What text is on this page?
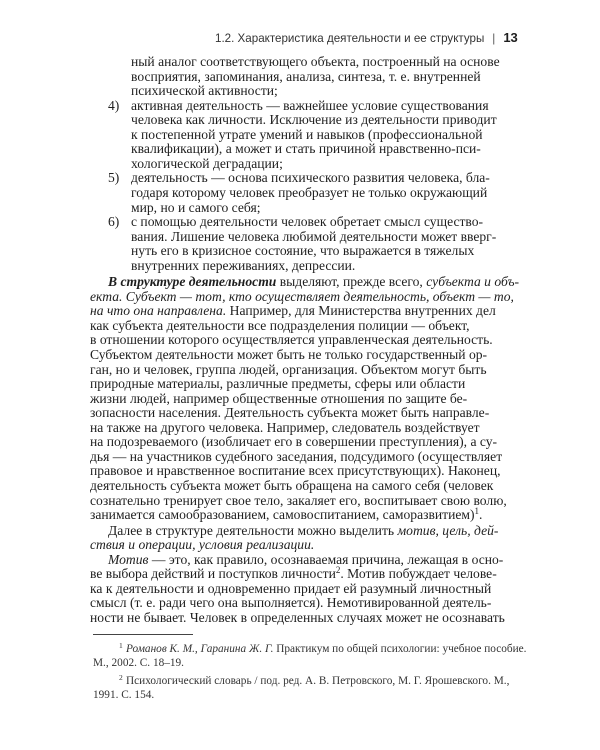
1.2. Характеристика деятельности и ее структуры | 13
ный аналог соответствующего объекта, построенный на основе
восприятия, запоминания, анализа, синтеза, т. е. внутренней
психической активности;
4) активная деятельность — важнейшее условие существования
человека как личности. Исключение из деятельности приводит
к постепенной утрате умений и навыков (профессиональной
квалификации), а может и стать причиной нравственно-пси-
хологической деградации;
5) деятельность — основа психического развития человека, бла-
годаря которому человек преобразует не только окружающий
мир, но и самого себя;
6) с помощью деятельности человек обретает смысл существо-
вания. Лишение человека любимой деятельности может вверг-
нуть его в кризисное состояние, что выражается в тяжелых
внутренних переживаниях, депрессии.
В структуре деятельности выделяют, прежде всего, субъекта и объ-
екта. Субъект — тот, кто осуществляет деятельность, объект — то,
на что она направлена. Например, для Министерства внутренних дел
как субъекта деятельности все подразделения полиции — объект,
в отношении которого осуществляется управленческая деятельность.
Субъектом деятельности может быть не только государственный ор-
ган, но и человек, группа людей, организация. Объектом могут быть
природные материалы, различные предметы, сферы или области
жизни людей, например общественные отношения по защите бе-
зопасности населения. Деятельность субъекта может быть направле-
на также на другого человека. Например, следователь воздействует
на подозреваемого (изобличает его в совершении преступления), а су-
дья — на участников судебного заседания, подсудимого (осуществляет
правовое и нравственное воспитание всех присутствующих). Наконец,
деятельность субъекта может быть обращена на самого себя (человек
сознательно тренирует свое тело, закаляет его, воспитывает свою волю,
занимается самообразованием, самовоспитанием, саморазвитием)$^1$.
Далее в структуре деятельности можно выделить мотив, цель, дей-
ствия и операции, условия реализации.
Мотив — это, как правило, осознаваемая причина, лежащая в осно-
ве выбора действий и поступков личности$^2$. Мотив побуждает челове-
ка к деятельности и одновременно придает ей разумный личностный
смысл (т. е. ради чего она выполняется). Немотивированной деятель-
ности не бывает. Человек в определенных случаях может не осознавать
1 Романов К. М., Гаранина Ж. Г. Практикум по общей психологии: учебное пособие.
М., 2002. С. 18–19.
2 Психологический словарь / под. ред. А. В. Петровского, М. Г. Ярошевского. М.,
1991. С. 154.
